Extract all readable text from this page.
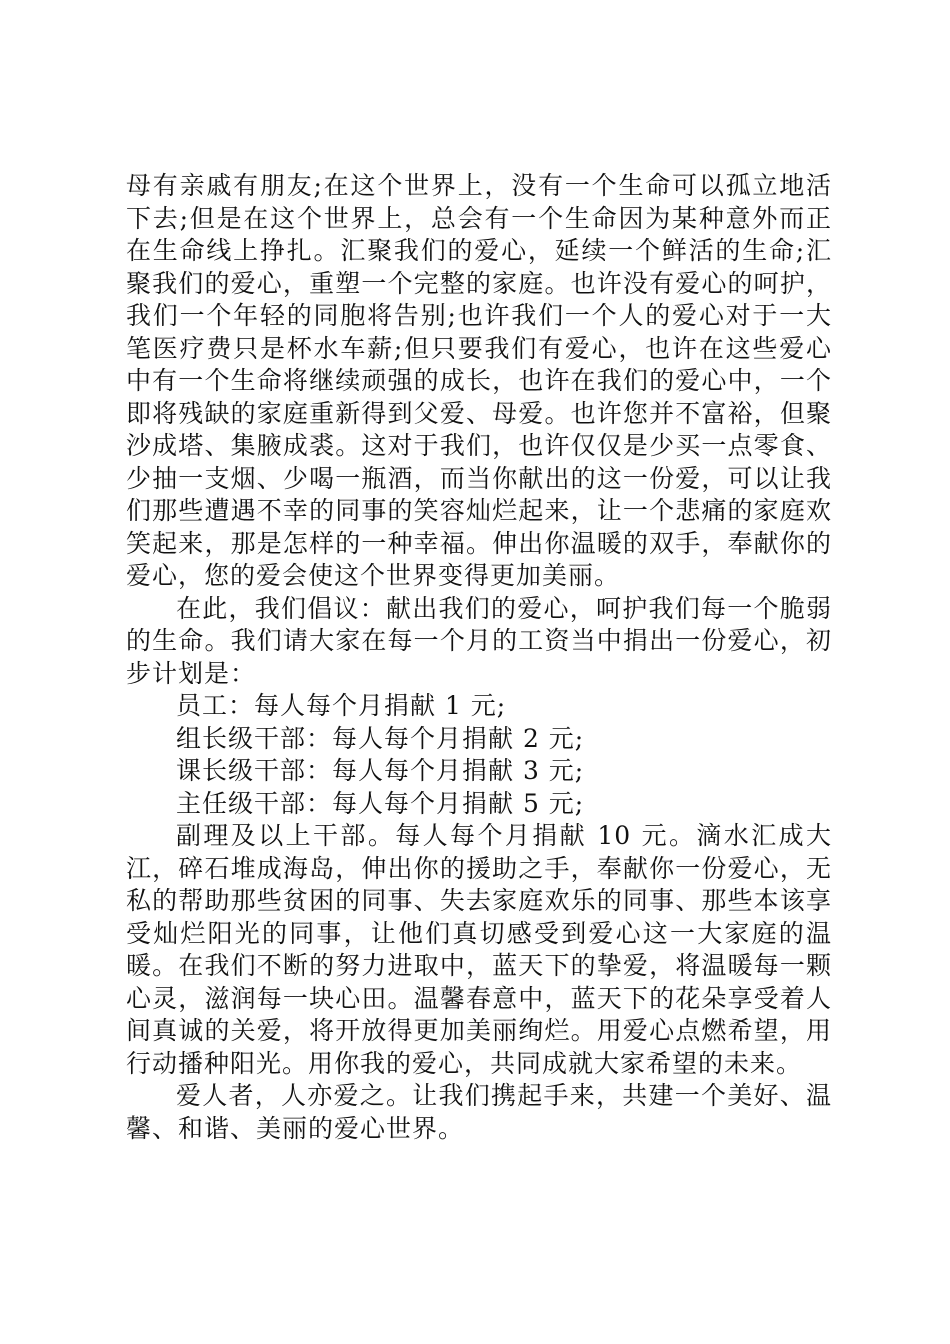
母有亲戚有朋友;在这个世界上，没有一个生命可以孤立地活下去;但是在这个世界上，总会有一个生命因为某种意外而正在生命线上挣扎。汇聚我们的爱心，延续一个鲜活的生命;汇聚我们的爱心，重塑一个完整的家庭。也许没有爱心的呵护，我们一个年轻的同胞将告别;也许我们一个人的爱心对于一大笔医疗费只是杯水车薪;但只要我们有爱心，也许在这些爱心中有一个生命将继续顽强的成长，也许在我们的爱心中，一个即将残缺的家庭重新得到父爱、母爱。也许您并不富裕，但聚沙成塔、集腋成裘。这对于我们，也许仅仅是少买一点零食、少抽一支烟、少喝一瓶酒，而当你献出的这一份爱，可以让我们那些遭遇不幸的同事的笑容灿烂起来，让一个悲痛的家庭欢笑起来，那是怎样的一种幸福。伸出你温暖的双手，奉献你的爱心，您的爱会使这个世界变得更加美丽。

在此，我们倡议：献出我们的爱心，呵护我们每一个脆弱的生命。我们请大家在每一个月的工资当中捐出一份爱心，初步计划是：

员工：每人每个月捐献 1 元;

组长级干部：每人每个月捐献 2 元;

课长级干部：每人每个月捐献 3 元;

主任级干部：每人每个月捐献 5 元;

副理及以上干部。每人每个月捐献 10 元。滴水汇成大江，碎石堆成海岛，伸出你的援助之手，奉献你一份爱心，无私的帮助那些贫困的同事、失去家庭欢乐的同事、那些本该享受灿烂阳光的同事，让他们真切感受到爱心这一大家庭的温暖。在我们不断的努力进取中，蓝天下的挚爱，将温暖每一颗心灵，滋润每一块心田。温馨春意中，蓝天下的花朵享受着人间真诚的关爱，将开放得更加美丽绚烂。用爱心点燃希望，用行动播种阳光。用你我的爱心，共同成就大家希望的未来。

爱人者，人亦爱之。让我们携起手来，共建一个美好、温馨、和谐、美丽的爱心世界。
